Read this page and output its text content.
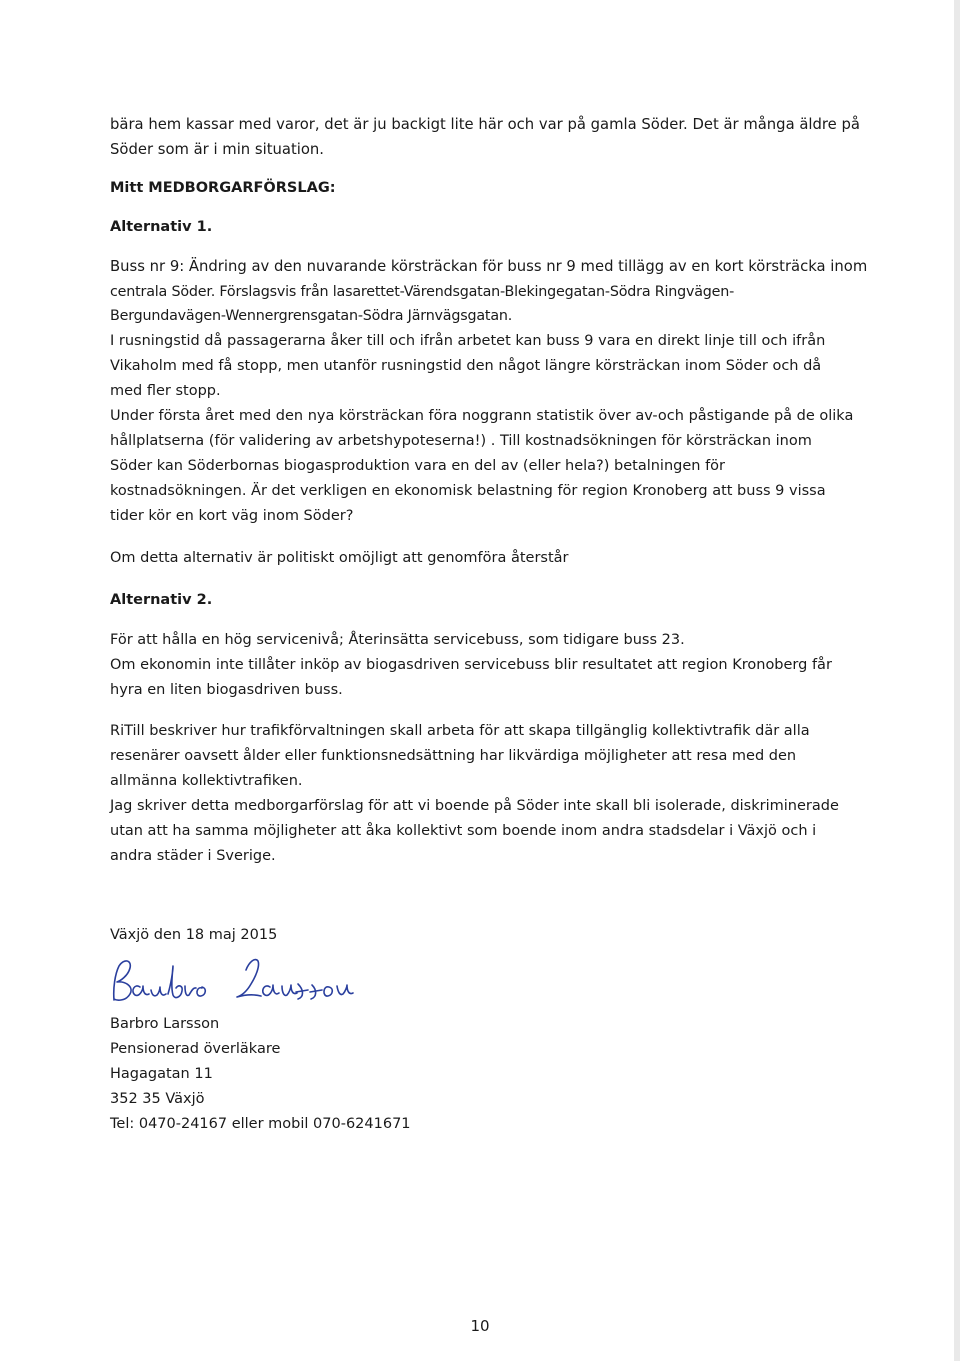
bära hem kassar med varor, det är ju backigt lite här och var på gamla Söder. Det är många äldre på

Söder som är i min situation.

Mitt MEDBORGARFÖRSLAG:

Alternativ 1.

Buss nr 9: Ändring av den nuvarande körsträckan för buss nr 9 med tillägg av en kort körsträcka inom

centrala Söder. Förslagsvis från lasarettet-Värendsgatan-Blekingegatan-Södra Ringvägen-

Bergundavägen-Wennergrensgatan-Södra Järnvägsgatan.

I rusningstid då passagerarna åker till och ifrån arbetet kan buss 9 vara en direkt linje till och ifrån

Vikaholm med få stopp, men utanför rusningstid den något längre körsträckan inom Söder och då

med fler stopp.

Under första året med den nya körsträckan föra noggrann statistik över av-och påstigande på de olika

hållplatserna (för validering av arbetshypoteserna!) . Till kostnadsökningen för körsträckan inom

Söder kan Söderbornas biogasproduktion vara en del av (eller hela?) betalningen för

kostnadsökningen. Är det verkligen en ekonomisk belastning för region Kronoberg att buss 9 vissa

tider kör en kort väg inom Söder?

Om detta alternativ är politiskt omöjligt att genomföra återstår

Alternativ 2.

För att hålla en hög servicenivå; Återinsätta servicebuss, som tidigare buss 23.

Om ekonomin inte tillåter inköp av biogasdriven servicebuss blir resultatet att region Kronoberg får

hyra en liten biogasdriven buss.

RiTill beskriver hur trafikförvaltningen skall arbeta för att skapa tillgänglig kollektivtrafik där alla

resenärer oavsett ålder eller funktionsnedsättning har likvärdiga möjligheter att resa med den

allmänna kollektivtrafiken.

Jag skriver detta medborgarförslag för att vi boende på Söder inte skall bli isolerade, diskriminerade

utan att ha samma möjligheter att åka kollektivt som boende inom andra stadsdelar i Växjö och i

andra städer i Sverige.

Växjö den 18 maj 2015

Barbro Larsson

Pensionerad överläkare

Hagagatan 11

352 35 Växjö

Tel: 0470-24167 eller mobil 070-6241671

10
